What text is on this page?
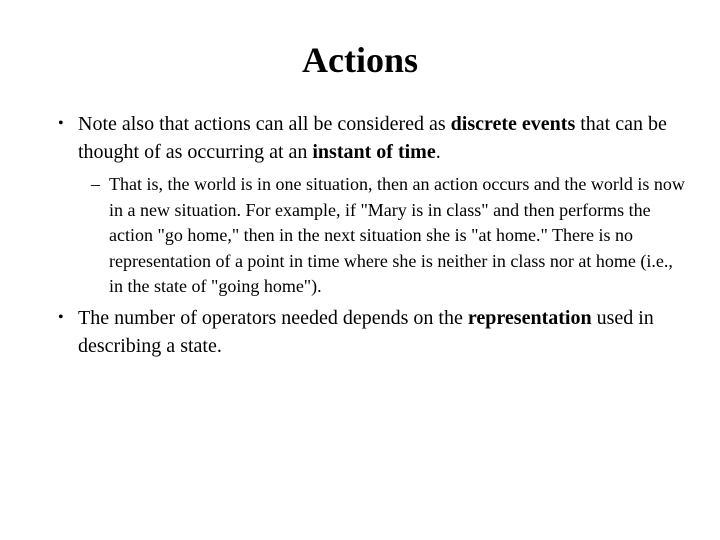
Actions
• Note also that actions can all be considered as discrete events that can be thought of as occurring at an instant of time.
– That is, the world is in one situation, then an action occurs and the world is now in a new situation. For example, if "Mary is in class" and then performs the action "go home," then in the next situation she is "at home." There is no representation of a point in time where she is neither in class nor at home (i.e., in the state of "going home").
• The number of operators needed depends on the representation used in describing a state.
